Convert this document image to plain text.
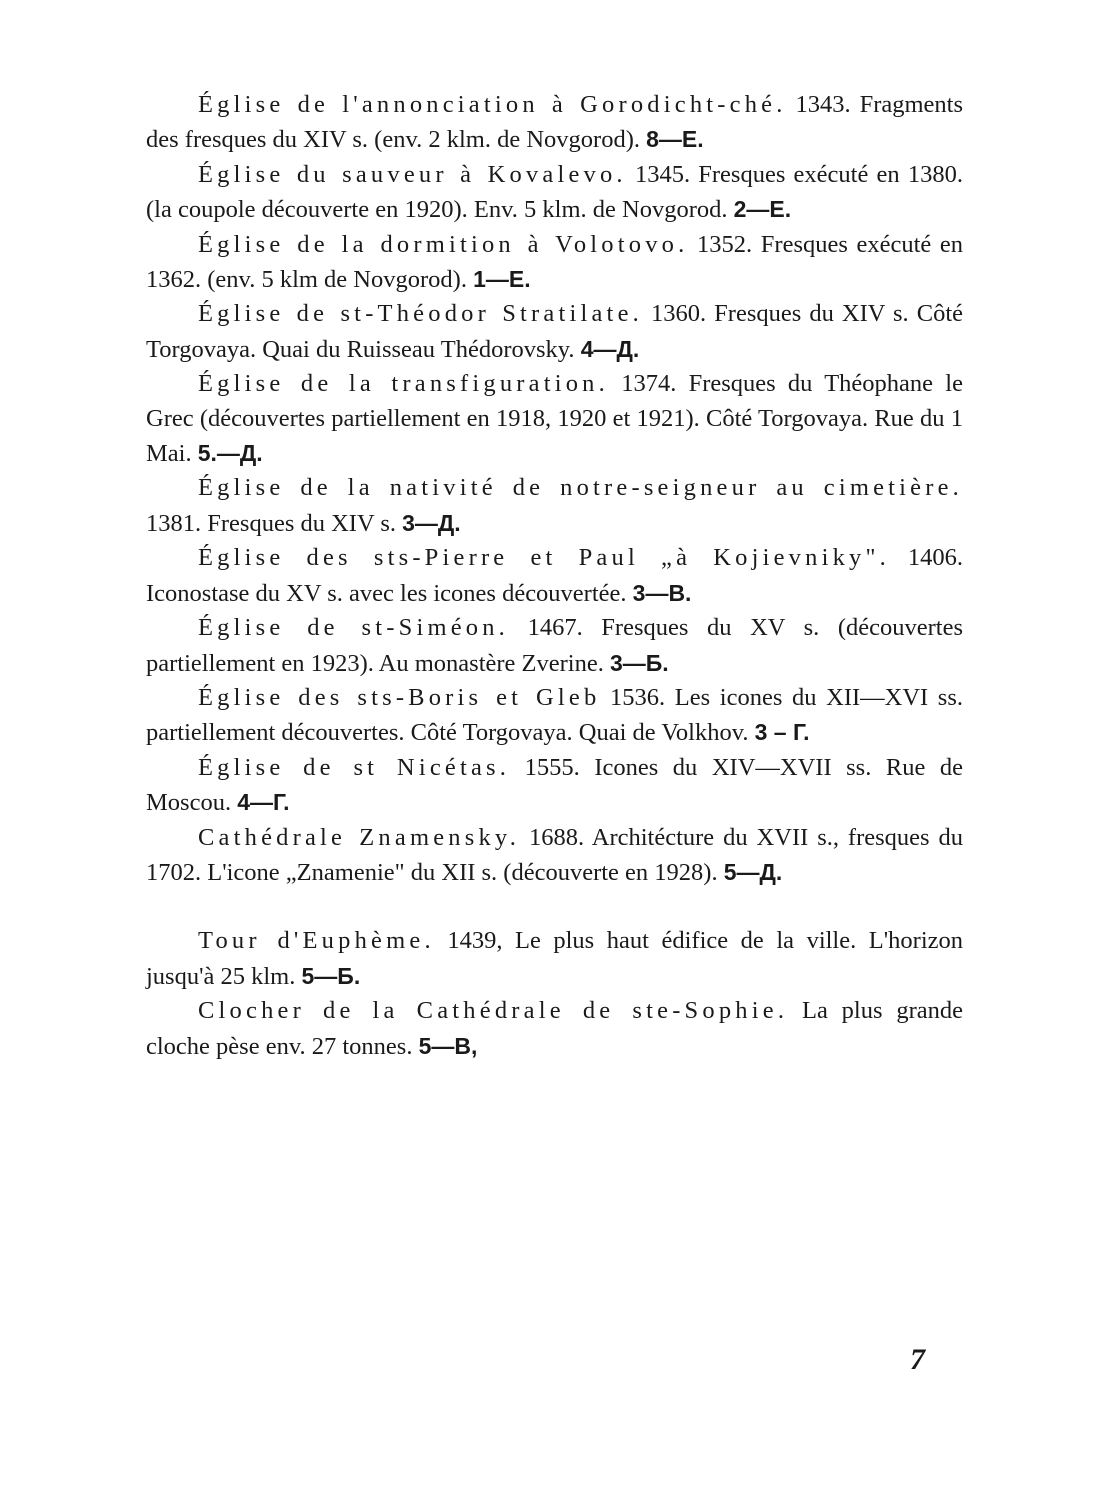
Église de l'annonciation à Gorodicht-ché. 1343. Fragments des fresques du XIV s. (env. 2 klm. de Novgorod). 8—E.

Église du sauveur à Kovalevo. 1345. Fresques exécuté en 1380. (la coupole découverte en 1920). Env. 5 klm. de Novgorod. 2—E.

Église de la dormition à Volotovo. 1352. Fresques exécuté en 1362. (env. 5 klm de Novgorod). 1—E.

Église de st-Théodor Stratilate. 1360. Fresques du XIV s. Côté Torgovaya. Quai du Ruisseau Thédorovsky. 4—Д.

Église de la transfiguration. 1374. Fresques du Théophane le Grec (découvertes partiellement en 1918, 1920 et 1921). Côté Torgovaya. Rue du 1 Mai. 5.—Д.

Église de la nativité de notre-seigneur au cimetière. 1381. Fresques du XIV s. 3—Д.

Église des sts-Pierre et Paul „à Kojievniky". 1406. Iconostase du XV s. avec les icones découvertée. 3—B.

Église de st-Siméon. 1467. Fresques du XV s. (découvertes partiellement en 1923). Au monastère Zverine. 3—Б.

Église des sts-Boris et Gleb 1536. Les icones du XII—XVI ss. partiellement découvertes. Côté Torgovaya. Quai de Volkhov. 3 – Г.

Église de st Nicétas. 1555. Icones du XIV—XVII ss. Rue de Moscou. 4—Г.

Cathédrale Znamensky. 1688. Architécture du XVII s., fresques du 1702. L'icone „Znamenie" du XII s. (découverte en 1928). 5—Д.

Tour d'Euphème. 1439, Le plus haut édifice de la ville. L'horizon jusqu'à 25 klm. 5—Б.

Clocher de la Cathédrale de ste-Sophie. La plus grande cloche pèse env. 27 tonnes. 5—B,

7
